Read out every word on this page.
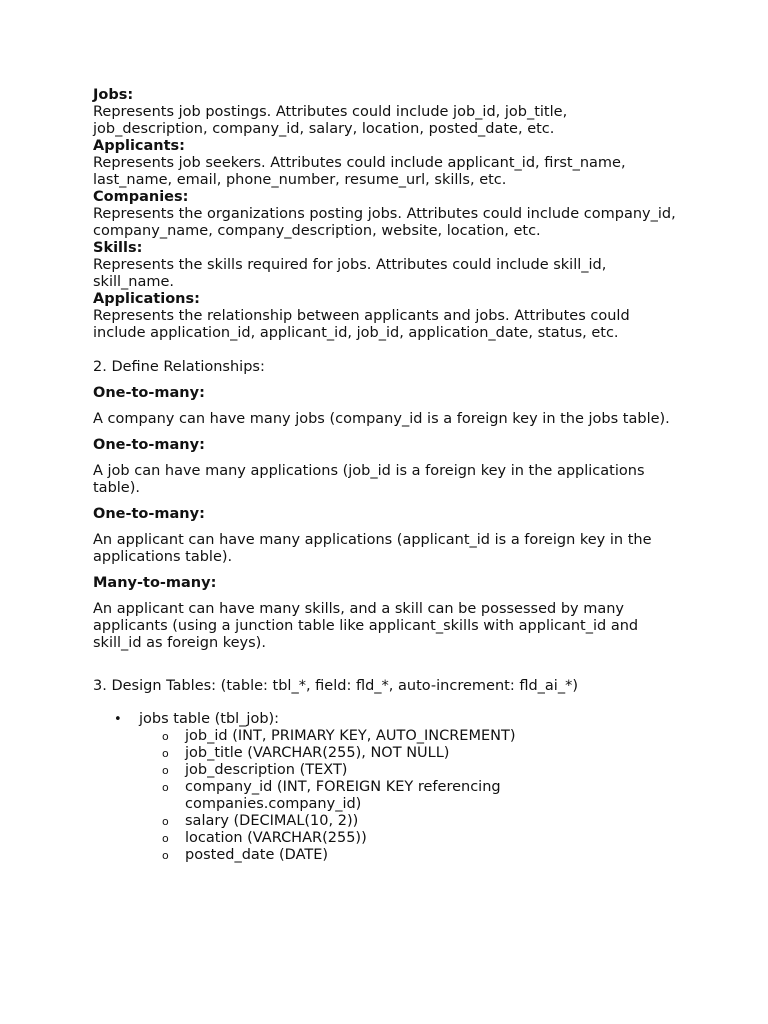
Jobs:

Represents job postings. Attributes could include job_id, job_title, job_description, company_id, salary, location, posted_date, etc.

Applicants:

Represents job seekers. Attributes could include applicant_id, first_name, last_name, email, phone_number, resume_url, skills, etc.

Companies:

Represents the organizations posting jobs. Attributes could include company_id, company_name, company_description, website, location, etc.

Skills:

Represents the skills required for jobs. Attributes could include skill_id, skill_name.

Applications:

Represents the relationship between applicants and jobs. Attributes could include application_id, applicant_id, job_id, application_date, status, etc.

2. Define Relationships:

One-to-many:

A company can have many jobs (company_id is a foreign key in the jobs table).

One-to-many:

A job can have many applications (job_id is a foreign key in the applications table).

One-to-many:

An applicant can have many applications (applicant_id is a foreign key in the applications table).

Many-to-many:

An applicant can have many skills, and a skill can be possessed by many applicants (using a junction table like applicant_skills with applicant_id and skill_id as foreign keys).

3. Design Tables: (table: tbl_*, field: fld_*, auto-increment: fld_ai_*)

• jobs table (tbl_job):
o job_id (INT, PRIMARY KEY, AUTO_INCREMENT)
o job_title (VARCHAR(255), NOT NULL)
o job_description (TEXT)
o company_id (INT, FOREIGN KEY referencing companies.company_id)
o salary (DECIMAL(10, 2))
o location (VARCHAR(255))
o posted_date (DATE)
